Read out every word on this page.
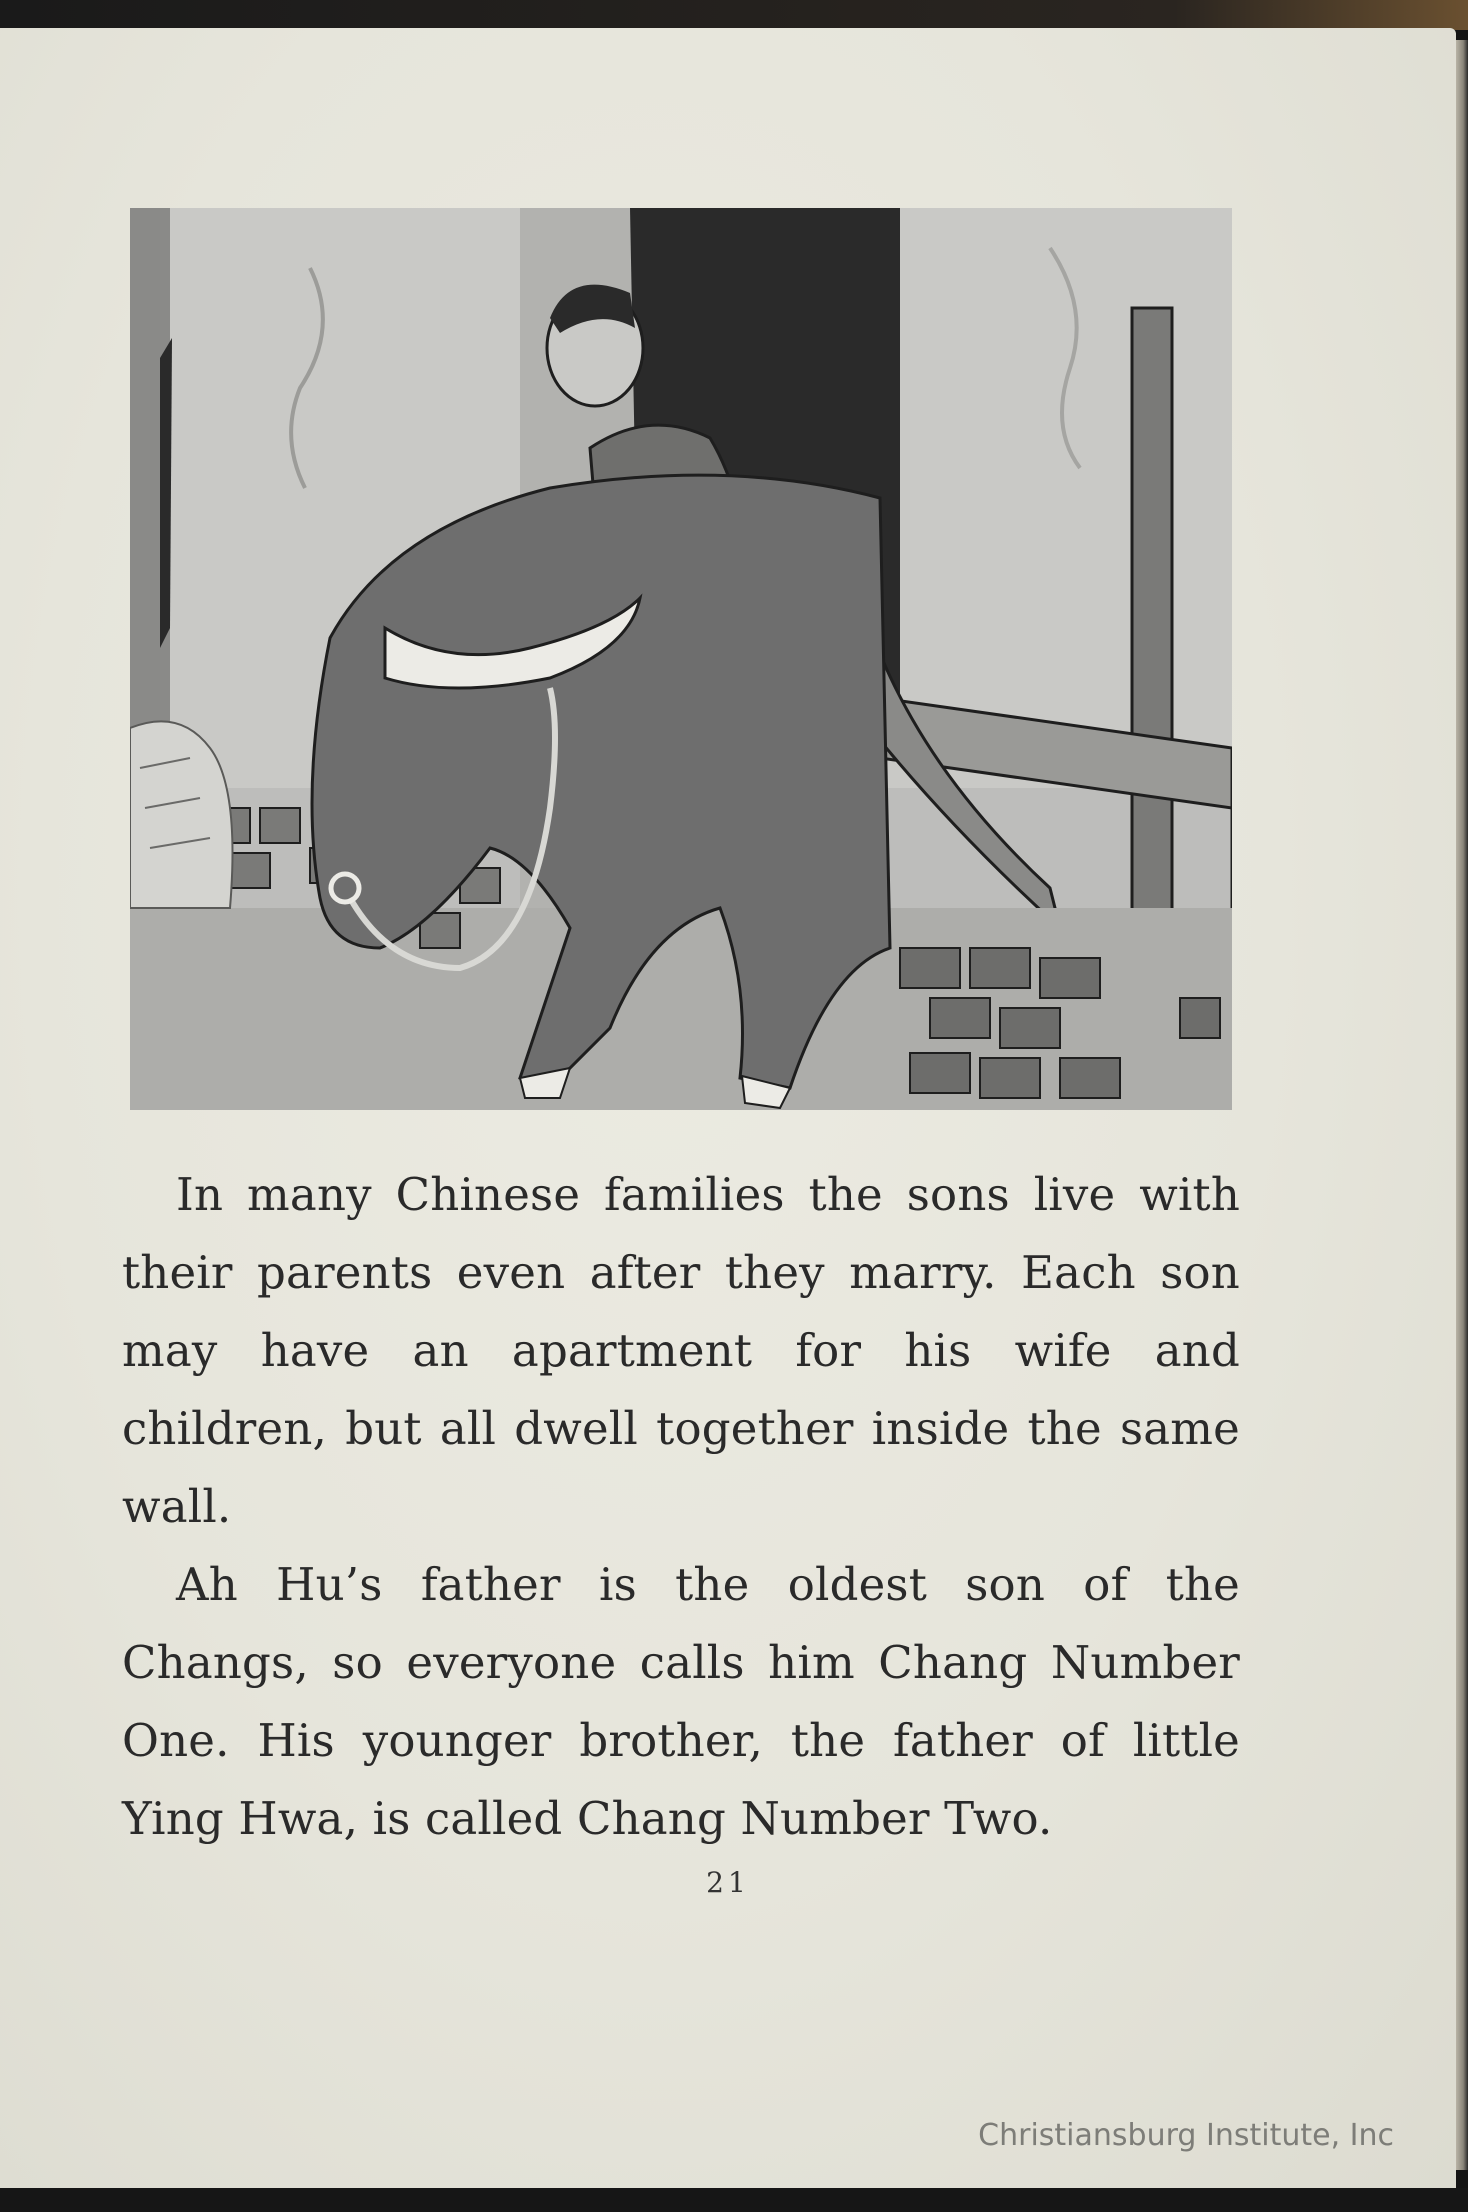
In many Chinese families the sons live with their parents even after they marry. Each son may have an apartment for his wife and children, but all dwell together inside the same wall.

Ah Hu’s father is the oldest son of the Changs, so everyone calls him Chang Number One. His younger brother, the father of little Ying Hwa, is called Chang Number Two.

21
Christiansburg Institute, Inc
